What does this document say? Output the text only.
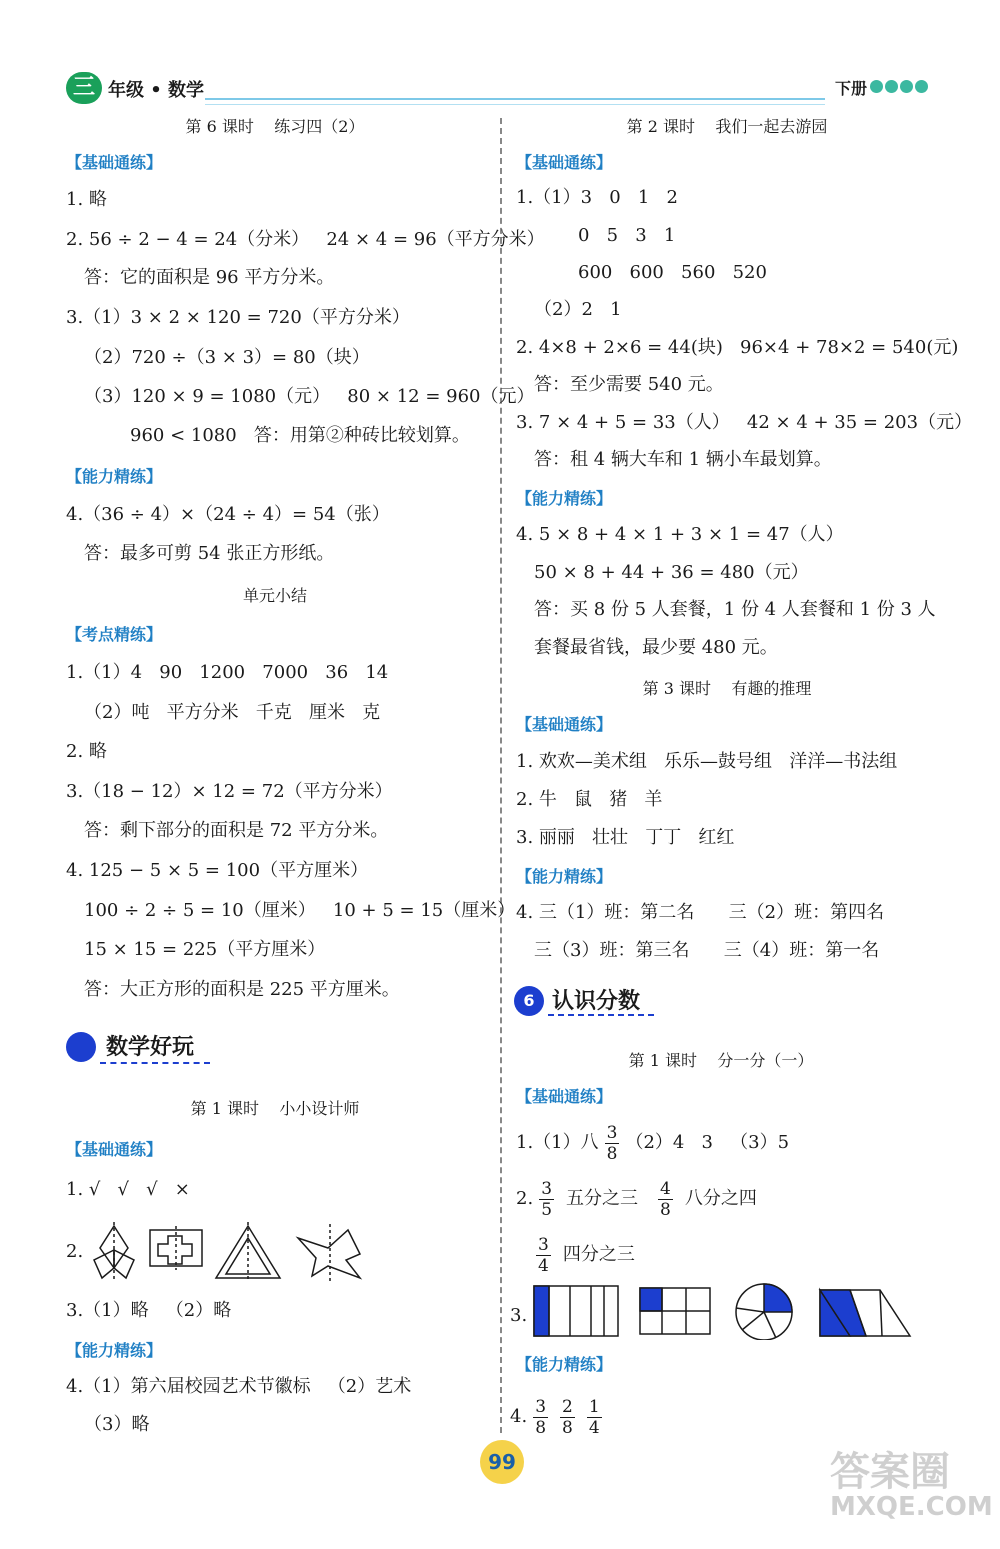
三 年级 • 数学	下册
第 6 课时    练习四（2）
【基础通练】
1. 略
2. 56 ÷ 2 − 4 = 24（分米）   24 × 4 = 96（平方分米）
答：它的面积是 96 平方分米。
3.（1）3 × 2 × 120 = 720（平方分米）
（2）720 ÷（3 × 3）= 80（块）
（3）120 × 9 = 1080（元）   80 × 12 = 960（元）
960 < 1080   答：用第②种砖比较划算。
【能力精练】
4.（36 ÷ 4）×（24 ÷ 4）= 54（张）
答：最多可剪 54 张正方形纸。
单元小结
【考点精练】
1.（1）4   90   1200   7000   36   14
（2）吨   平方分米   千克   厘米   克
2. 略
3.（18 − 12）× 12 = 72（平方分米）
答：剩下部分的面积是 72 平方分米。
4. 125 − 5 × 5 = 100（平方厘米）
100 ÷ 2 ÷ 5 = 10（厘米）   10 + 5 = 15（厘米）
15 × 15 = 225（平方厘米）
答：大正方形的面积是 225 平方厘米。
数学好玩
第 1 课时    小小设计师
【基础通练】
1. √   √   √   ×
2.
3.（1）略   （2）略
【能力精练】
4.（1）第六届校园艺术节徽标   （2）艺术
（3）略
第 2 课时    我们一起去游园
【基础通练】
1.（1）3   0   1   2
0   5   3   1
600   600   560   520
（2）2   1
2. 4×8 + 2×6 = 44(块)   96×4 + 78×2 = 540(元)
答：至少需要 540 元。
3. 7 × 4 + 5 = 33（人）   42 × 4 + 35 = 203（元）
答：租 4 辆大车和 1 辆小车最划算。
【能力精练】
4. 5 × 8 + 4 × 1 + 3 × 1 = 47（人）
50 × 8 + 44 + 36 = 480（元）
答：买 8 份 5 人套餐，1 份 4 人套餐和 1 份 3 人
套餐最省钱，最少要 480 元。
第 3 课时    有趣的推理
【基础通练】
1. 欢欢—美术组   乐乐—鼓号组   洋洋—书法组
2. 牛   鼠   猪   羊
3. 丽丽   壮壮   丁丁   红红
【能力精练】
4. 三（1）班：第二名      三（2）班：第四名
三（3）班：第三名      三（4）班：第一名
6 认识分数
第 1 课时    分一分（一）
【基础通练】
1.（1）八 $\frac{3}{8} (2)4$   3   （3）5
2. $\frac{3}{5}$ 五分之三 $\frac{4}{8}$ 八分之四
$\frac{3}{4}$ 四分之三
3.
【能力精练】
4. $\frac{3}{8} \frac{2}{8} \frac{1}{4}$
99	答案圈
MXQE.COM
